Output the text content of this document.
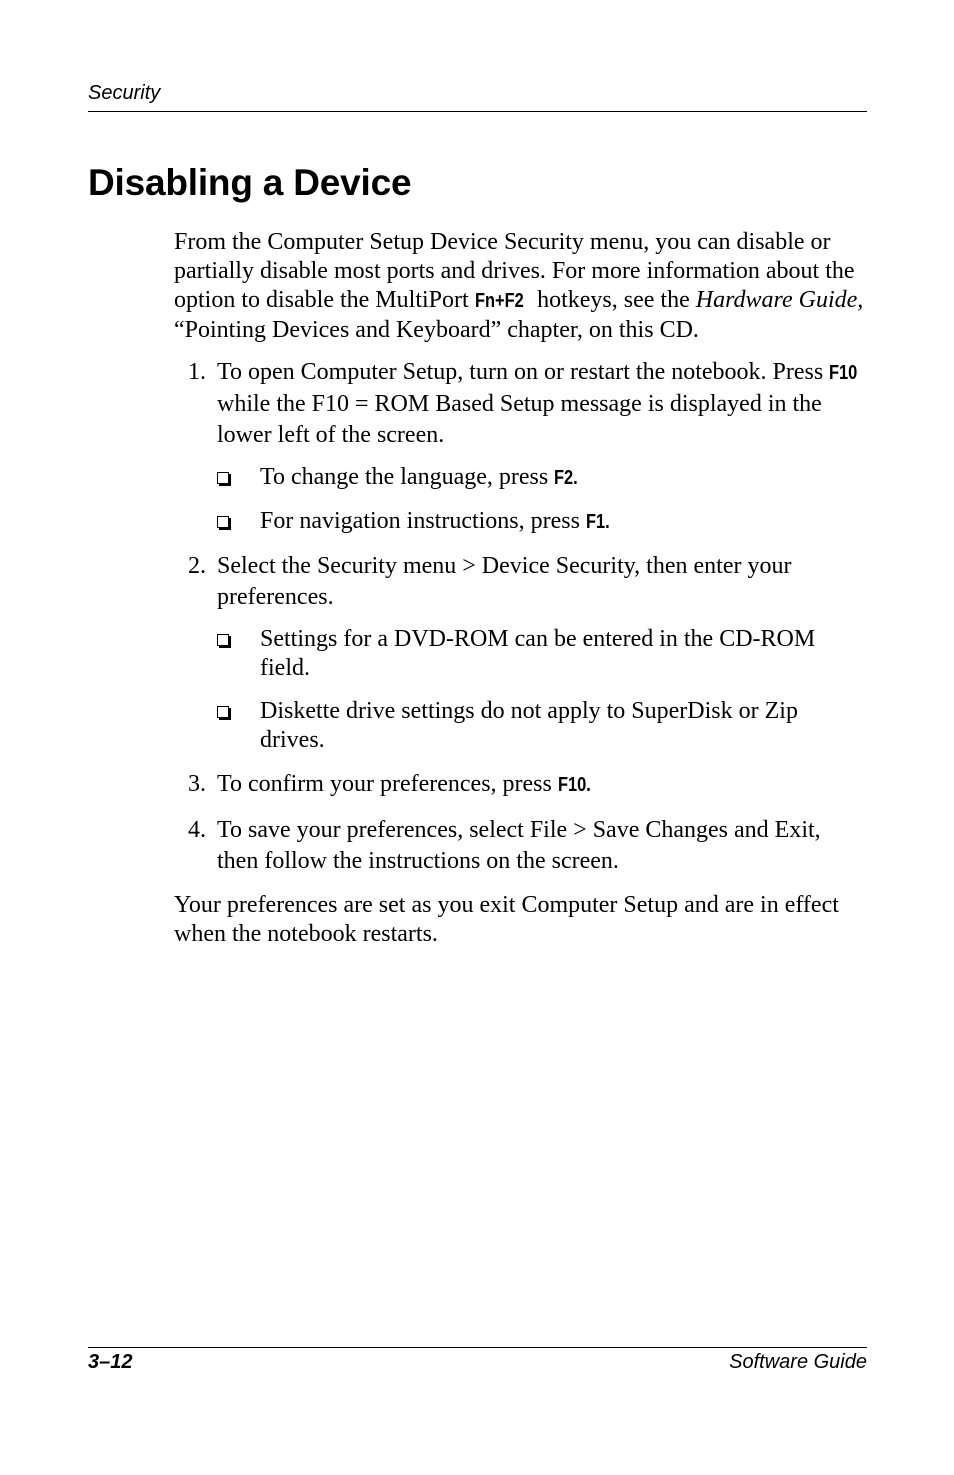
Security
Disabling a Device

From the Computer Setup Device Security menu, you can disable or partially disable most ports and drives. For more information about the option to disable the MultiPort Fn+F2 hotkeys, see the Hardware Guide, “Pointing Devices and Keyboard” chapter, on this CD.

1. To open Computer Setup, turn on or restart the notebook. Press F10 while the F10 = ROM Based Setup message is displayed in the lower left of the screen.
To change the language, press F2.
For navigation instructions, press F1.
2. Select the Security menu > Device Security, then enter your preferences.
Settings for a DVD-ROM can be entered in the CD-ROM field.
Diskette drive settings do not apply to SuperDisk or Zip drives.
3. To confirm your preferences, press F10.
4. To save your preferences, select File > Save Changes and Exit, then follow the instructions on the screen.

Your preferences are set as you exit Computer Setup and are in effect when the notebook restarts.

3–12	Software Guide
